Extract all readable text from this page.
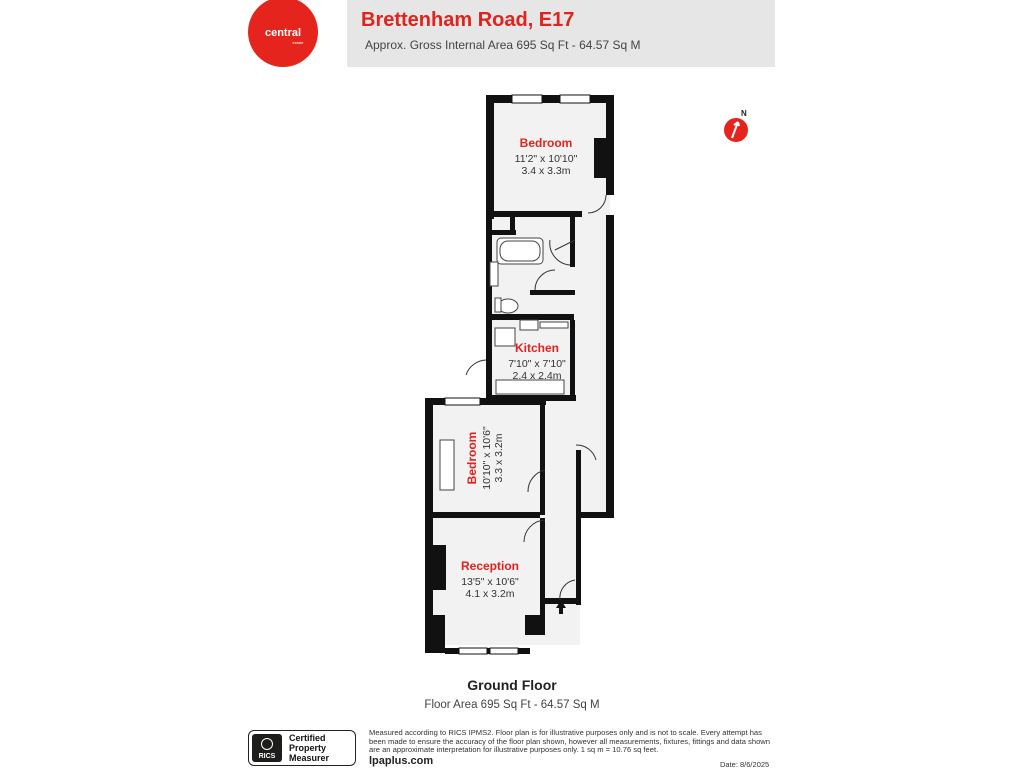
central
estate
Brettenham Road, E17
Approx. Gross Internal Area 695 Sq Ft - 64.57 Sq M
N
Bedroom
11'2" x 10'10"
3.4 x 3.3m
Kitchen
7'10" x 7'10"
2.4 x 2.4m
Bedroom 10'10" x 10'6" 3.3 x 3.2m
Reception
13'5" x 10'6"
4.1 x 3.2m
Ground Floor
Floor Area 695 Sq Ft - 64.57 Sq M
RICS
Certified
Property
Measurer
Measured according to RICS IPMS2. Floor plan is for illustrative purposes only and is not to scale. Every attempt has been made to ensure the accuracy of the floor plan shown, however all measurements, fixtures, fittings and data shown are an approximate interpretation for illustrative purposes only. 1 sq m = 10.76 sq feet.
lpaplus.com	Date: 8/6/2025
